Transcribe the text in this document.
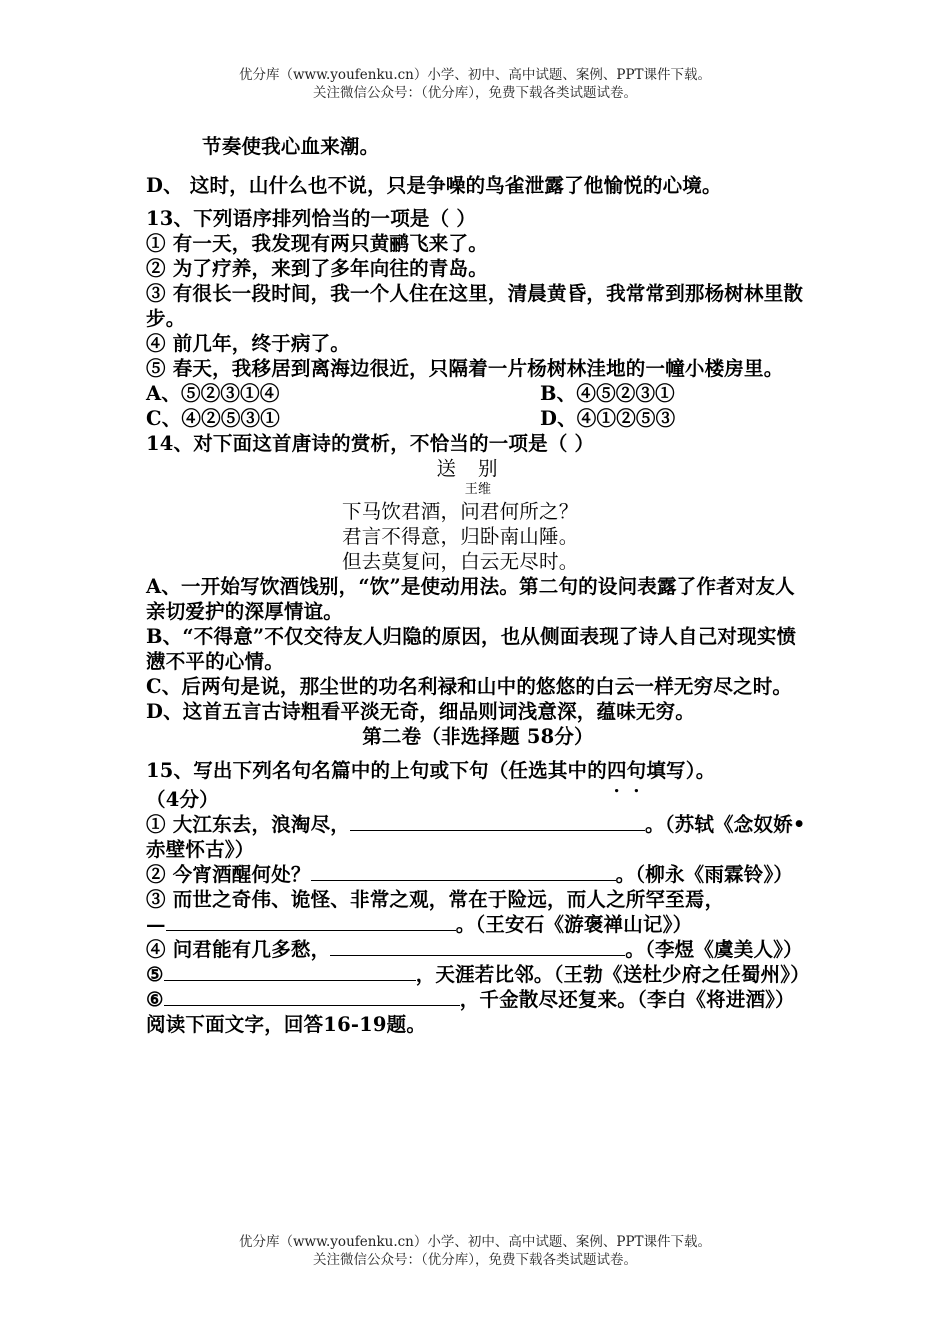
优分库（www.youfenku.cn）小学、初中、高中试题、案例、PPT课件下载。
关注微信公众号：（优分库），免费下载各类试题试卷。

节奏使我心血来潮。

D、 这时，山什么也不说，只是争噪的鸟雀泄露了他愉悦的心境。

13、下列语序排列恰当的一项是（ ）

① 有一天，我发现有两只黄鹂飞来了。

② 为了疗养，来到了多年向往的青岛。

③ 有很长一段时间，我一个人住在这里，清晨黄昏，我常常到那杨树林里散步。

④ 前几年，终于病了。

⑤ 春天，我移居到离海边很近，只隔着一片杨树林洼地的一幢小楼房里。

A、⑤②③①④	B、④⑤②③①
C、④②⑤③①	D、④①②⑤③

14、对下面这首唐诗的赏析，不恰当的一项是（ ）

送别

王维

下马饮君酒，问君何所之？

君言不得意，归卧南山陲。

但去莫复问，白云无尽时。

A、一开始写饮酒饯别，“饮”是使动用法。第二句的设问表露了作者对友人亲切爱护的深厚情谊。

B、“不得意”不仅交待友人归隐的原因，也从侧面表现了诗人自己对现实愤懑不平的心情。

C、后两句是说，那尘世的功名利禄和山中的悠悠的白云一样无穷尽之时。

D、这首五言古诗粗看平淡无奇，细品则词浅意深，蕴味无穷。

第二卷（非选择题 58分）

15、写出下列名句名篇中的上句或下句（任选其中的四句填写）。

（4分）

① 大江东去，浪淘尽，	。（苏轼《念奴娇•赤壁怀古》）

② 今宵酒醒何处？	。（柳永《雨霖铃》）

③ 而世之奇伟、诡怪、非常之观，常在于险远，而人之所罕至焉，

—	。（王安石《游褒禅山记》）

④ 问君能有几多愁，	。（李煜《虞美人》）

⑤	，天涯若比邻。（王勃《送杜少府之任蜀州》）

⑥	，千金散尽还复来。（李白《将进酒》）

阅读下面文字，回答16-19题。

优分库（www.youfenku.cn）小学、初中、高中试题、案例、PPT课件下载。
关注微信公众号：（优分库），免费下载各类试题试卷。
